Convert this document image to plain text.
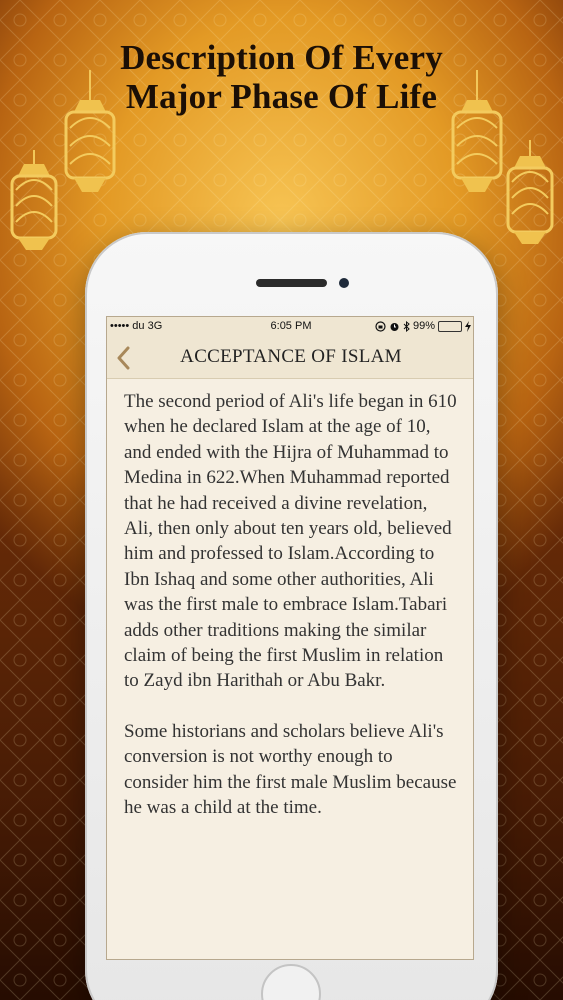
Description Of Every
Major Phase Of Life
••••• du 3G	6:05 PM	99%
ACCEPTANCE OF ISLAM

The second period of Ali's life began in 610 when he declared Islam at the age of 10, and ended with the Hijra of Muhammad to Medina in 622.When Muhammad reported that he had received a divine revelation, Ali, then only about ten years old, believed him and professed to Islam.According to Ibn Ishaq and some other authorities, Ali was the first male to embrace Islam.Tabari adds other traditions making the similar claim of being the first Muslim in relation to Zayd ibn Harithah or Abu Bakr.

Some historians and scholars believe Ali's conversion is not worthy enough to consider him the first male Muslim because he was a child at the time.
